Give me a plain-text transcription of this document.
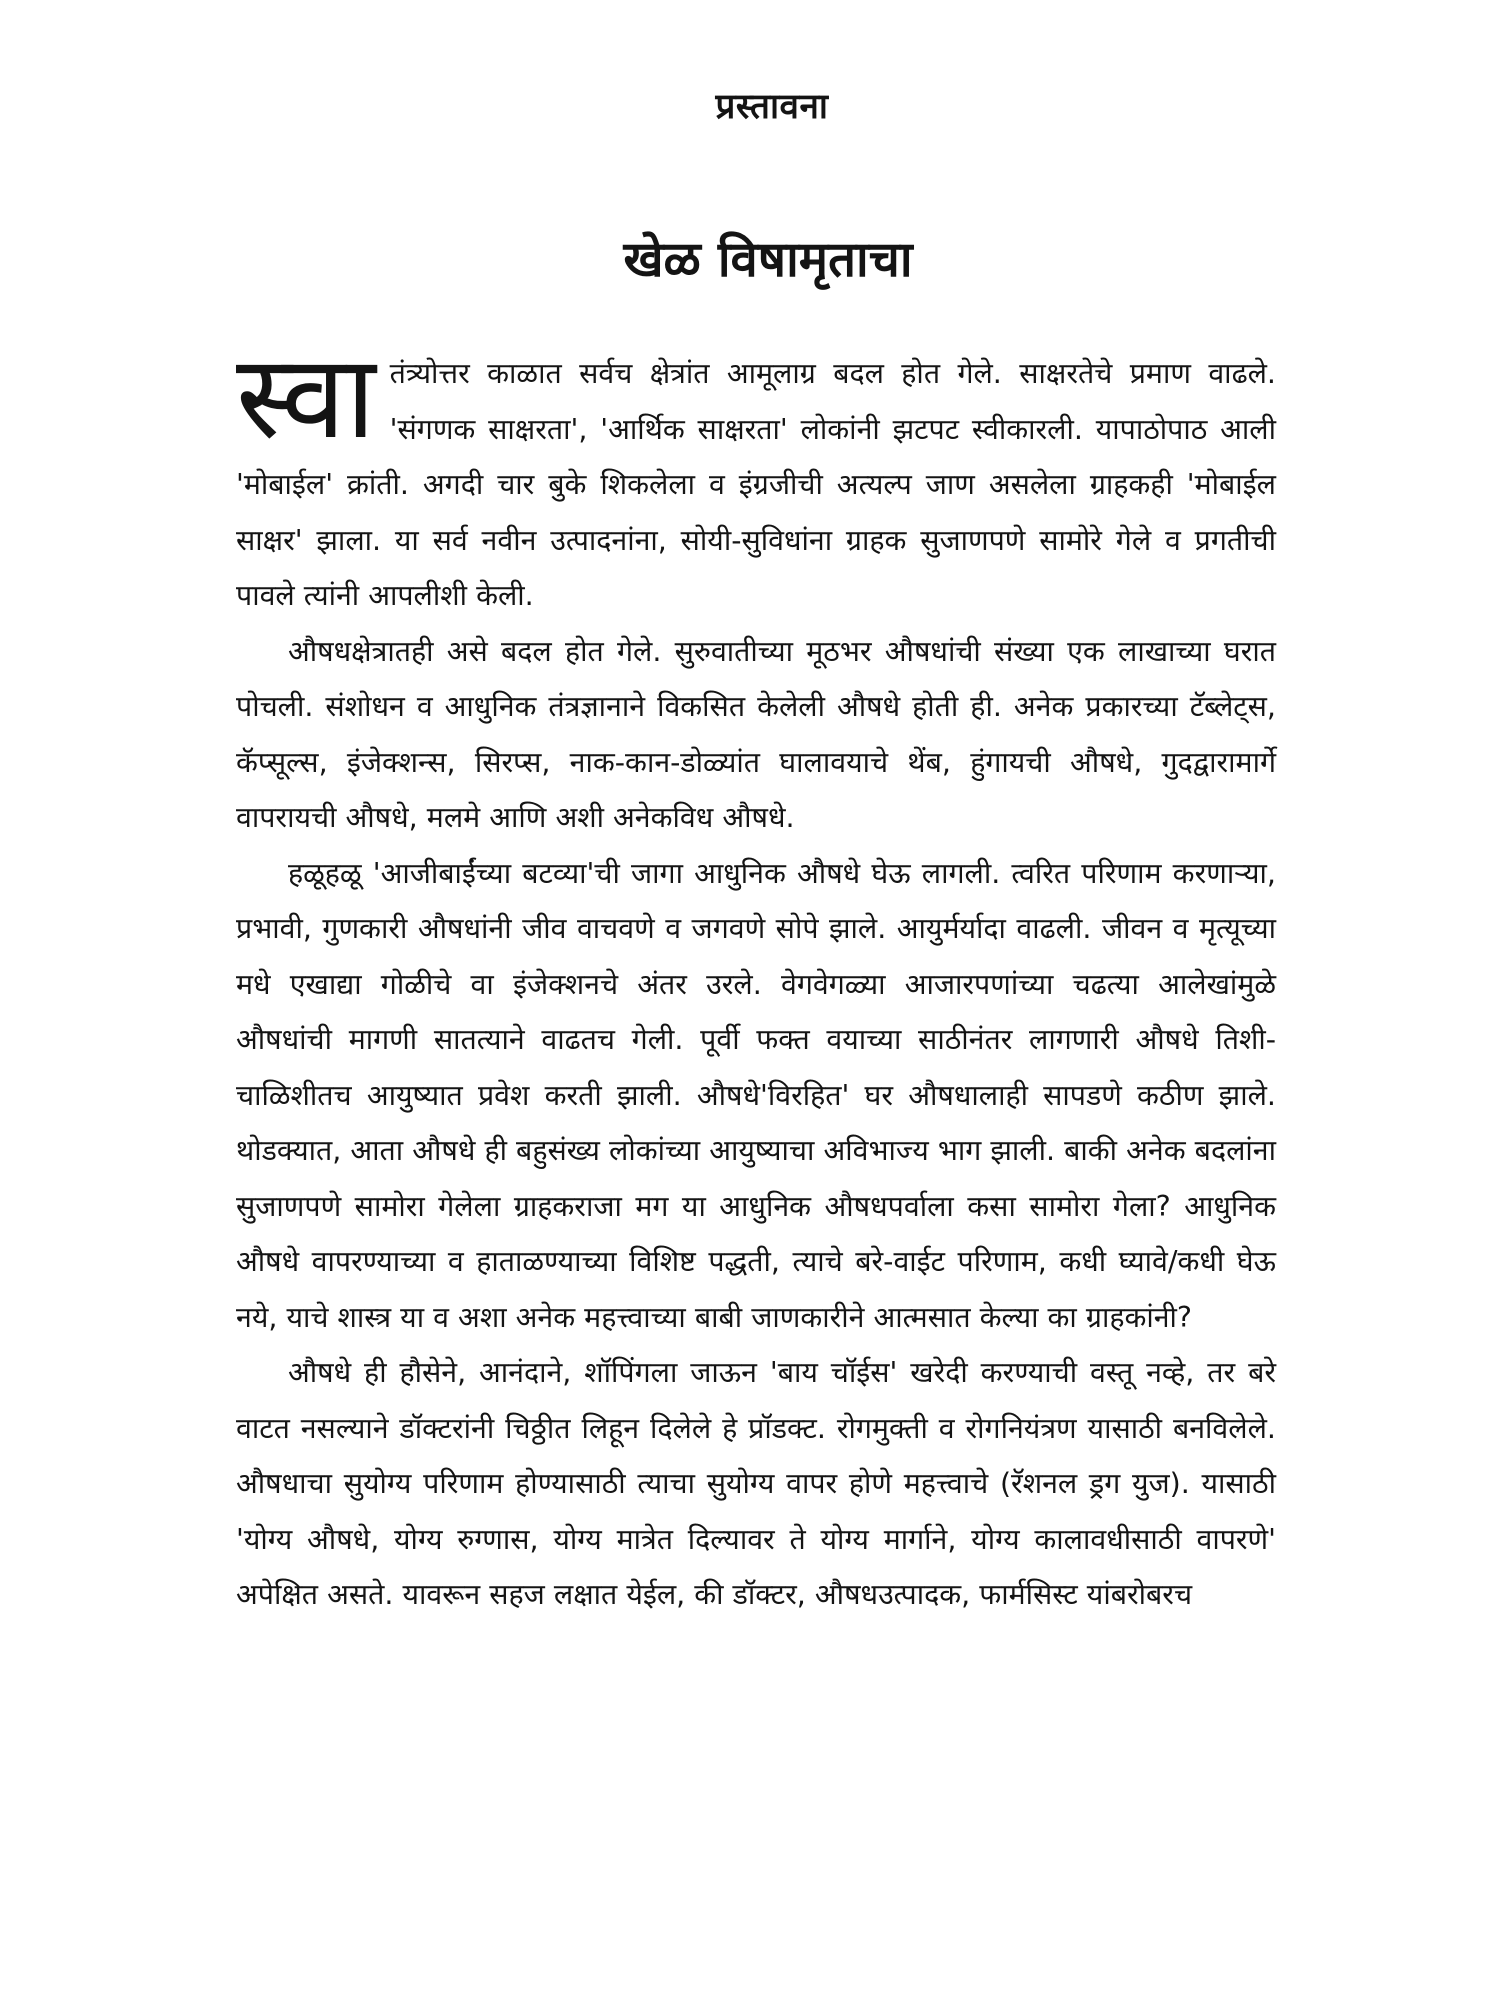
प्रस्तावना
खेळ विषामृताचा

स्वा तंत्र्योत्तर काळात सर्वच क्षेत्रांत आमूलाग्र बदल होत गेले. साक्षरतेचे प्रमाण वाढले. 'संगणक साक्षरता', 'आर्थिक साक्षरता' लोकांनी झटपट स्वीकारली. यापाठोपाठ आली 'मोबाईल' क्रांती. अगदी चार बुके शिकलेला व इंग्रजीची अत्यल्प जाण असलेला ग्राहकही 'मोबाईल साक्षर' झाला. या सर्व नवीन उत्पादनांना, सोयी-सुविधांना ग्राहक सुजाणपणे सामोरे गेले व प्रगतीची पावले त्यांनी आपलीशी केली.

औषधक्षेत्रातही असे बदल होत गेले. सुरुवातीच्या मूठभर औषधांची संख्या एक लाखाच्या घरात पोचली. संशोधन व आधुनिक तंत्रज्ञानाने विकसित केलेली औषधे होती ही. अनेक प्रकारच्या टॅब्लेट्स, कॅप्सूल्स, इंजेक्शन्स, सिरप्स, नाक-कान-डोळ्यांत घालावयाचे थेंब, हुंगायची औषधे, गुदद्वारामार्गे वापरायची औषधे, मलमे आणि अशी अनेकविध औषधे.

हळूहळू 'आजीबाईंच्या बटव्या'ची जागा आधुनिक औषधे घेऊ लागली. त्वरित परिणाम करणाऱ्या, प्रभावी, गुणकारी औषधांनी जीव वाचवणे व जगवणे सोपे झाले. आयुर्मर्यादा वाढली. जीवन व मृत्यूच्या मधे एखाद्या गोळीचे वा इंजेक्शनचे अंतर उरले. वेगवेगळ्या आजारपणांच्या चढत्या आलेखांमुळे औषधांची मागणी सातत्याने वाढतच गेली. पूर्वी फक्त वयाच्या साठीनंतर लागणारी औषधे तिशी-चाळिशीतच आयुष्यात प्रवेश करती झाली. औषधे'विरहित' घर औषधालाही सापडणे कठीण झाले. थोडक्यात, आता औषधे ही बहुसंख्य लोकांच्या आयुष्याचा अविभाज्य भाग झाली. बाकी अनेक बदलांना सुजाणपणे सामोरा गेलेला ग्राहकराजा मग या आधुनिक औषधपर्वाला कसा सामोरा गेला? आधुनिक औषधे वापरण्याच्या व हाताळण्याच्या विशिष्ट पद्धती, त्याचे बरे-वाईट परिणाम, कधी घ्यावे/कधी घेऊ नये, याचे शास्त्र या व अशा अनेक महत्त्वाच्या बाबी जाणकारीने आत्मसात केल्या का ग्राहकांनी?

औषधे ही हौसेने, आनंदाने, शॉपिंगला जाऊन 'बाय चॉईस' खरेदी करण्याची वस्तू नव्हे, तर बरे वाटत नसल्याने डॉक्टरांनी चिठ्ठीत लिहून दिलेले हे प्रॉडक्ट. रोगमुक्ती व रोगनियंत्रण यासाठी बनविलेले. औषधाचा सुयोग्य परिणाम होण्यासाठी त्याचा सुयोग्य वापर होणे महत्त्वाचे (रॅशनल ड्रग युज). यासाठी 'योग्य औषधे, योग्य रुग्णास, योग्य मात्रेत दिल्यावर ते योग्य मार्गाने, योग्य कालावधीसाठी वापरणे' अपेक्षित असते. यावरून सहज लक्षात येईल, की डॉक्टर, औषधउत्पादक, फार्मसिस्ट यांबरोबरच
